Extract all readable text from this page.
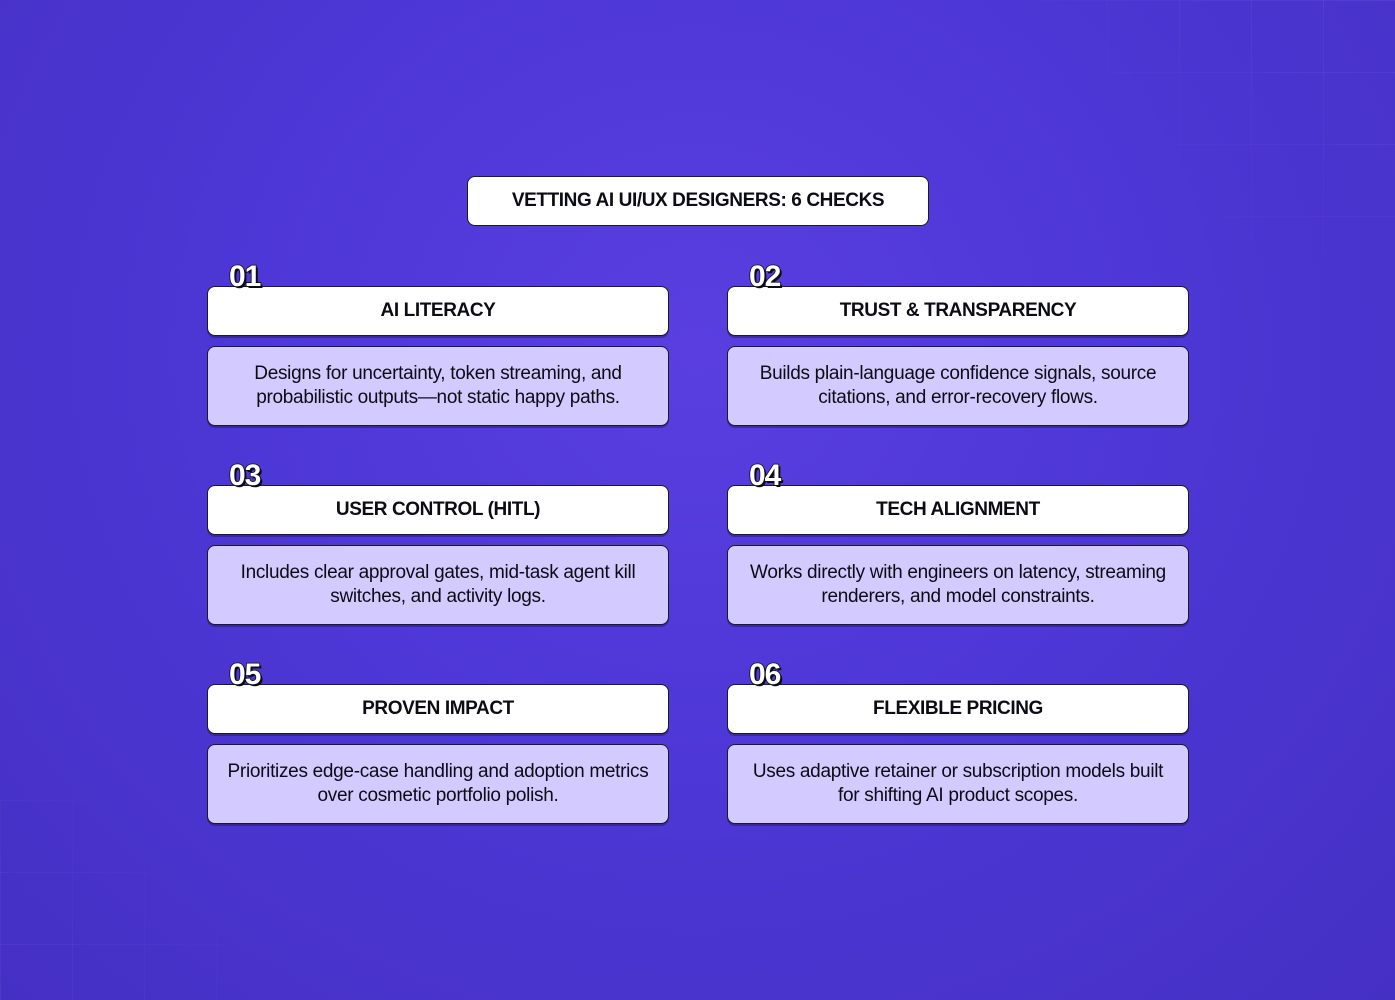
VETTING AI UI/UX DESIGNERS: 6 CHECKS
01
AI LITERACY
Designs for uncertainty, token streaming, and probabilistic outputs—not static happy paths.
02
TRUST & TRANSPARENCY
Builds plain-language confidence signals, source citations, and error-recovery flows.
03
USER CONTROL (HITL)
Includes clear approval gates, mid-task agent kill switches, and activity logs.
04
TECH ALIGNMENT
Works directly with engineers on latency, streaming renderers, and model constraints.
05
PROVEN IMPACT
Prioritizes edge-case handling and adoption metrics over cosmetic portfolio polish.
06
FLEXIBLE PRICING
Uses adaptive retainer or subscription models built for shifting AI product scopes.
